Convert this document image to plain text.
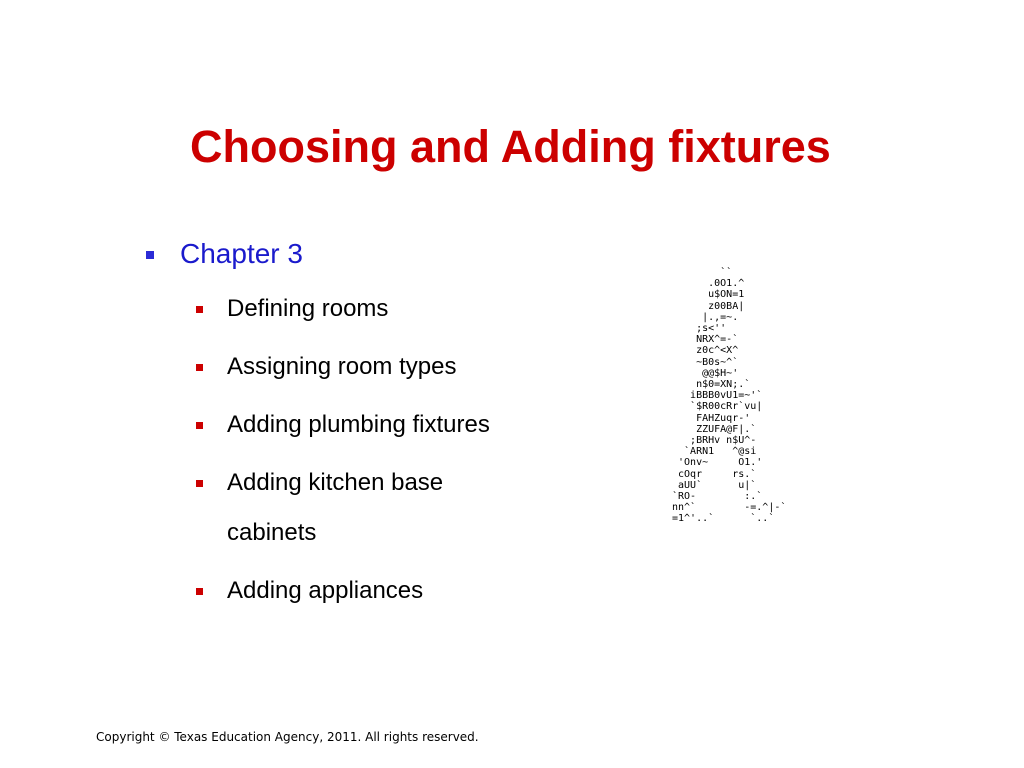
Choosing and Adding fixtures
Chapter 3
Defining rooms
Assigning room types
Adding plumbing fixtures
Adding kitchen base cabinets
Adding appliances
``
.0O1.^
u$ON=1
z00BA|
|.,=~.
;s<''
NRX^=-`
z0c^<X^
~B0s~^`
@@$H~'
n$0=XN;.`
iBBB0vU1=~'`
`$R00cRr`vu|
FAHZuqr-'
ZZUFA@F|.`
;BRHv n$U^-
`ARN1   ^@si
'Onv~     O1.'
cOqr     rs.`
aUU`      u|`
`RO-        :.`
nn^`        -=.^|-`
=1^'..`      `..`
Copyright © Texas Education Agency, 2011. All rights reserved.
